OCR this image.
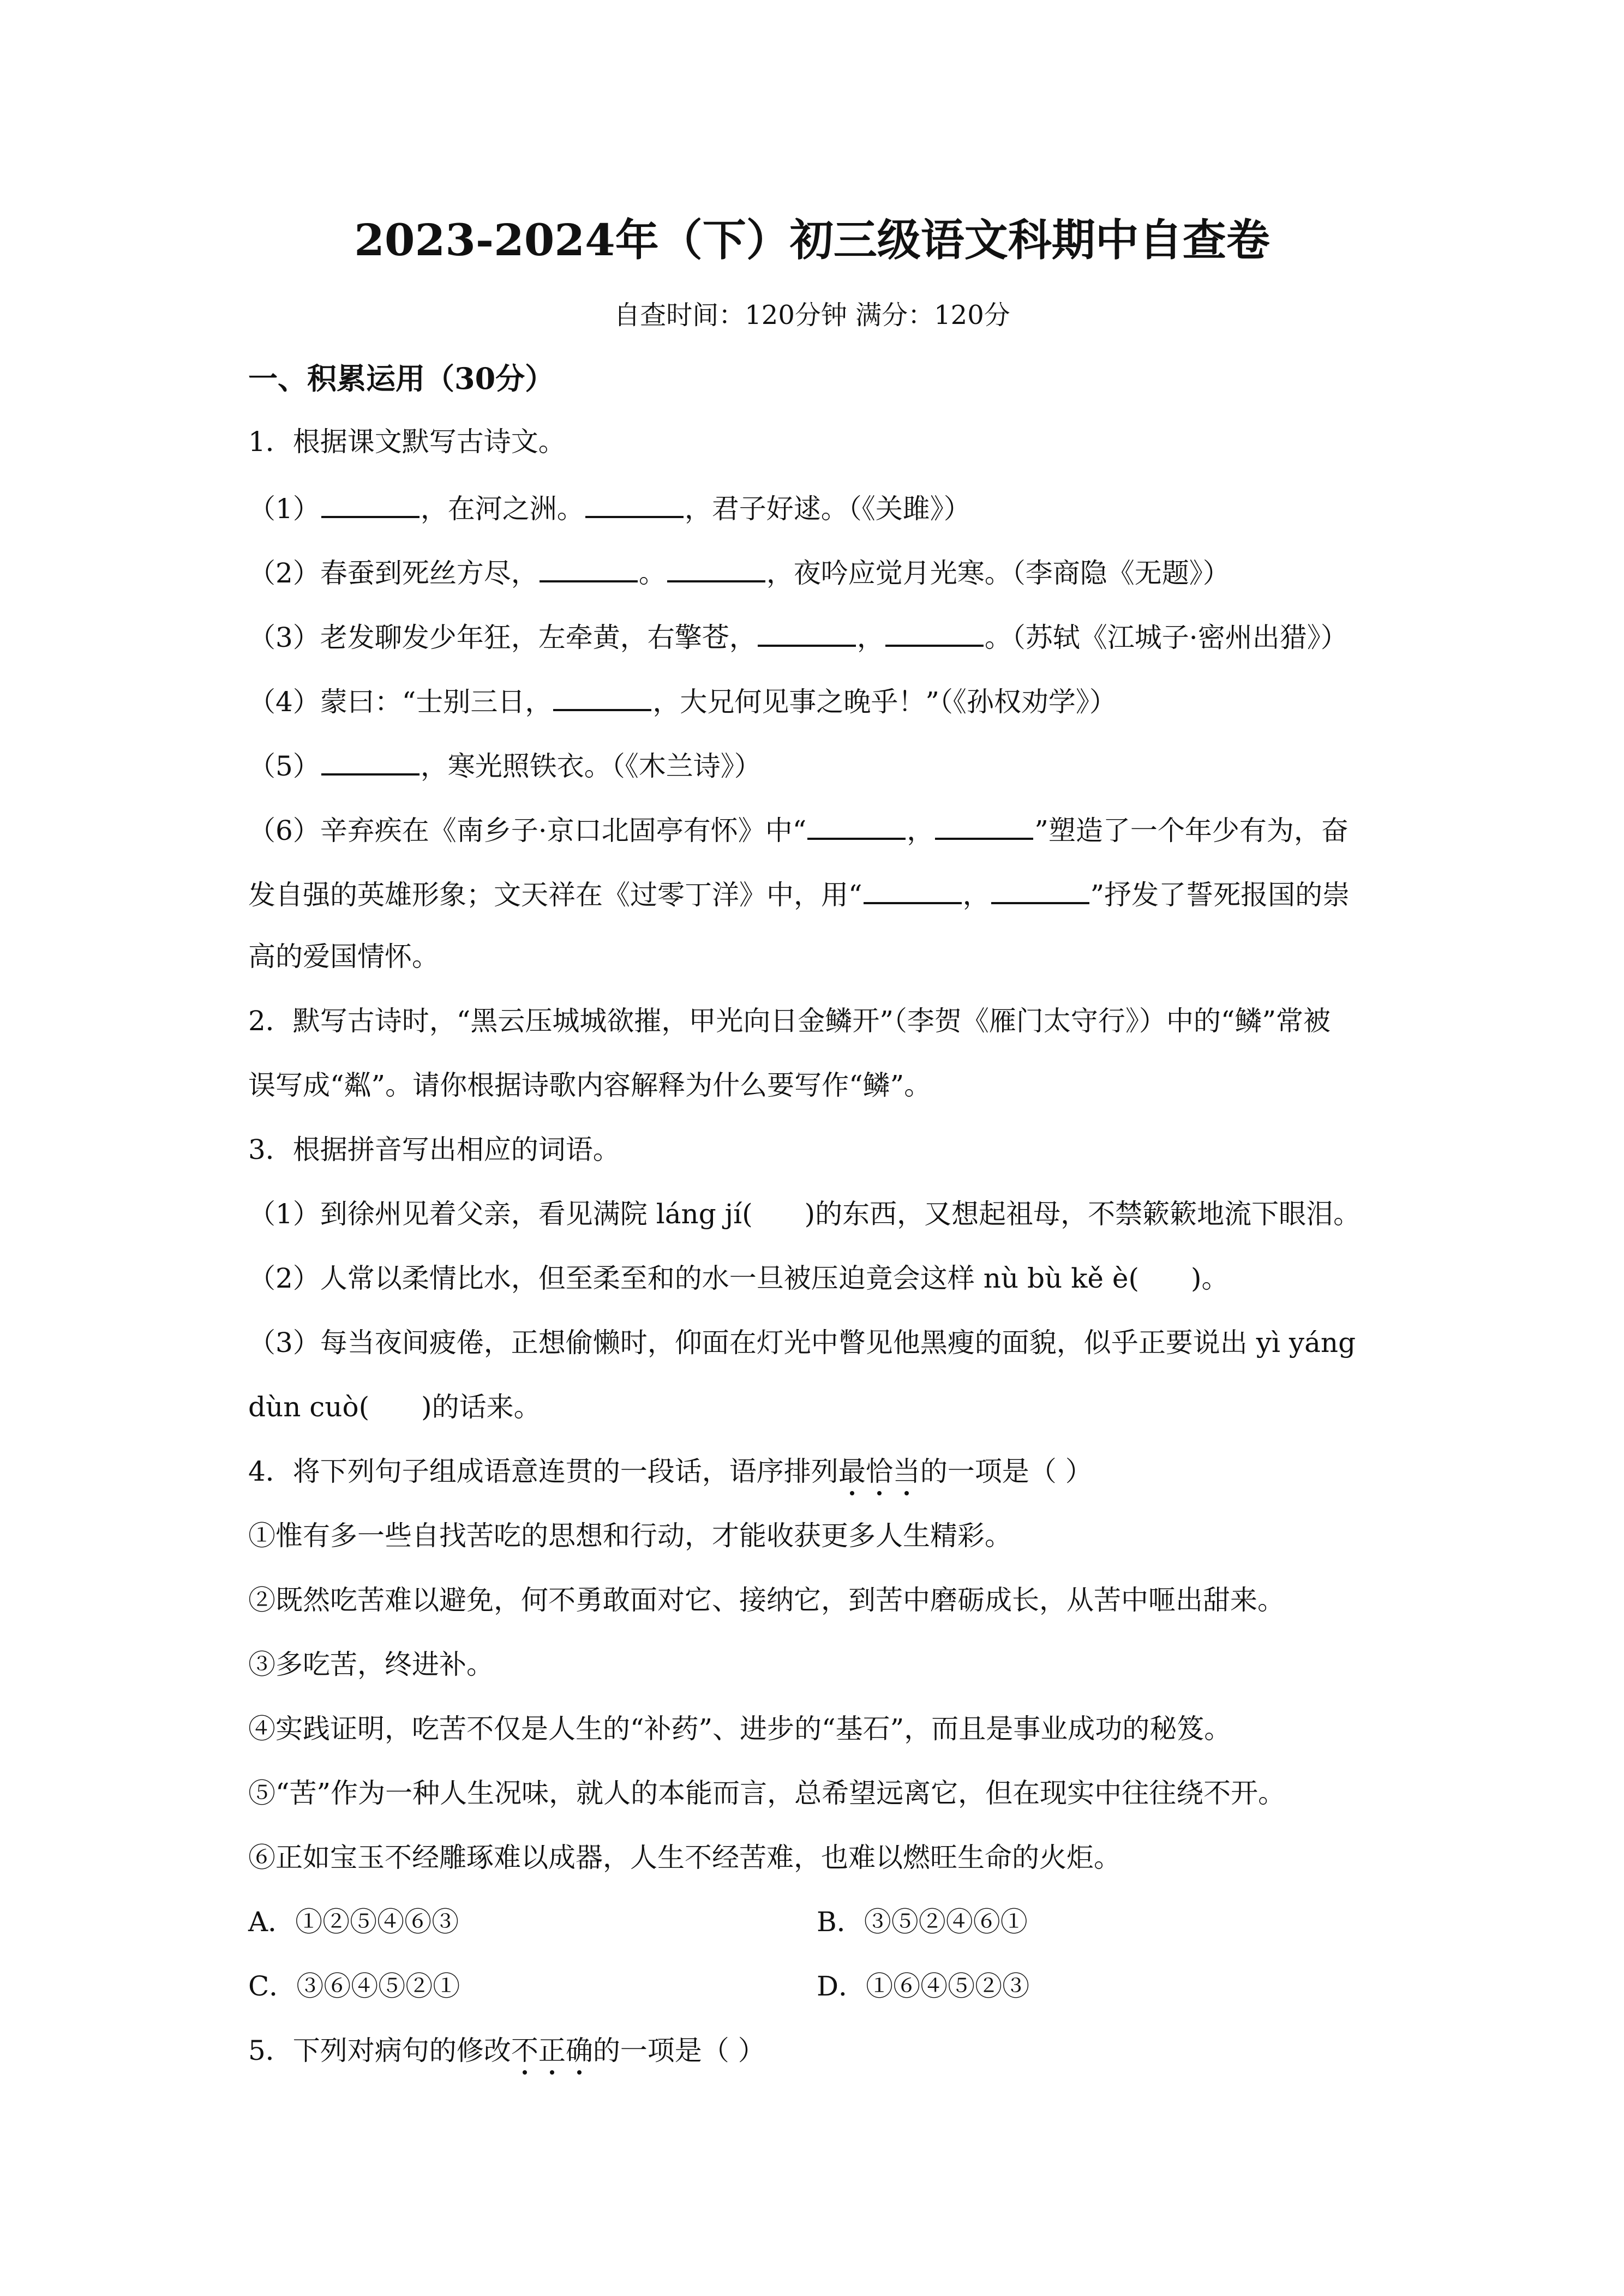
2023-2024年（下）初三级语文科期中自查卷
自查时间：120分钟 满分：120分
一、积累运用（30分）
1．根据课文默写古诗文。
（1）	，在河之洲。	，君子好逑。（《关雎》）
（2）春蚕到死丝方尽，	。	，夜吟应觉月光寒。（李商隐《无题》）
（3）老发聊发少年狂，左牵黄，右擎苍，	，	。（苏轼《江城子·密州出猎》）
（4）蒙曰：“士别三日，	，大兄何见事之晚乎！”（《孙权劝学》）
（5）	，寒光照铁衣。（《木兰诗》）
（6）辛弃疾在《南乡子·京口北固亭有怀》中“	，	”塑造了一个年少有为，奋
发自强的英雄形象；文天祥在《过零丁洋》中，用“	，	”抒发了誓死报国的崇
高的爱国情怀。
2．默写古诗时，“黑云压城城欲摧，甲光向日金鳞开”（李贺《雁门太守行》）中的“鳞”常被
误写成“粼”。请你根据诗歌内容解释为什么要写作“鳞”。
3．根据拼音写出相应的词语。
（1）到徐州见着父亲，看见满院 láng jí( )的东西，又想起祖母，不禁簌簌地流下眼泪。
（2）人常以柔情比水，但至柔至和的水一旦被压迫竟会这样 nù bù kě è( )。
（3）每当夜间疲倦，正想偷懒时，仰面在灯光中瞥见他黑瘦的面貌，似乎正要说出 yì yáng
dùn cuò( )的话来。
4．将下列句子组成语意连贯的一段话，语序排列最恰当的一项是（ ）
①惟有多一些自找苦吃的思想和行动，才能收获更多人生精彩。
②既然吃苦难以避免，何不勇敢面对它、接纳它，到苦中磨砺成长，从苦中咂出甜来。
③多吃苦，终进补。
④实践证明，吃苦不仅是人生的“补药”、进步的“基石”，而且是事业成功的秘笈。
⑤“苦”作为一种人生况味，就人的本能而言，总希望远离它，但在现实中往往绕不开。
⑥正如宝玉不经雕琢难以成器，人生不经苦难，也难以燃旺生命的火炬。
A．①②⑤④⑥③	B．③⑤②④⑥①
C．③⑥④⑤②①	D．①⑥④⑤②③
5．下列对病句的修改不正确的一项是（ ）
